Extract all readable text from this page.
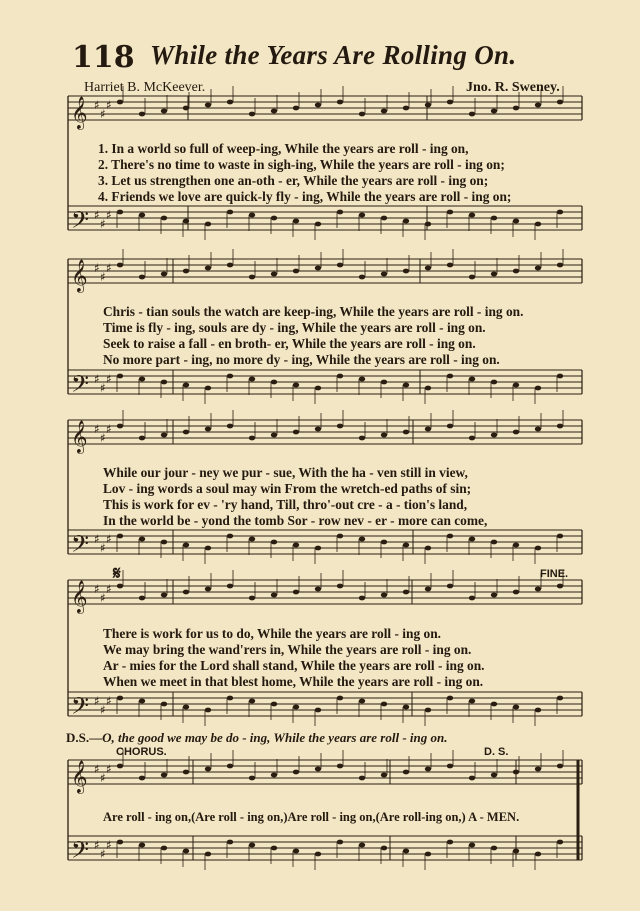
118 While the Years Are Rolling On.
Harriet B. McKeever.	Jno. R. Sweney.
𝄞 ♯
♯
♯
𝄢 ♯
♯
♯
𝄞 ♯
♯
♯
𝄢 ♯
♯
♯
𝄞 ♯
♯
♯
𝄢 ♯
♯
♯
𝄞 ♯
♯
♯
𝄢 ♯
♯
♯
𝄞 ♯
♯
♯
𝄢 ♯
♯
♯
1. In a world so full of weep-ing, While the years are roll - ing on,
2. There's no time to waste in sigh-ing, While the years are roll - ing on;
3. Let us strengthen one an-oth - er, While the years are roll - ing on;
4. Friends we love are quick-ly fly - ing, While the years are roll - ing on;
Chris - tian souls the watch are keep-ing, While the years are roll - ing on.
Time is fly - ing, souls are dy - ing, While the years are roll - ing on.
Seek to raise a fall - en broth- er, While the years are roll - ing on.
No more part - ing, no more dy - ing, While the years are roll - ing on.
While our jour - ney we pur - sue, With the ha - ven still in view,
Lov - ing words a soul may win From the wretch-ed paths of sin;
This is work for ev - 'ry hand, Till, thro'-out cre - a - tion's land,
In the world be - yond the tomb Sor - row nev - er - more can come,
𝄋	FINE.
There is work for us to do, While the years are roll - ing on.
We may bring the wand'rers in, While the years are roll - ing on.
Ar - mies for the Lord shall stand, While the years are roll - ing on.
When we meet in that blest home, While the years are roll - ing on.
D.S.—O, the good we may be do - ing, While the years are roll - ing on.
CHORUS.	D. S.
Are roll - ing on,(Are roll - ing on,)Are roll - ing on,(Are roll-ing on,) A - MEN.
